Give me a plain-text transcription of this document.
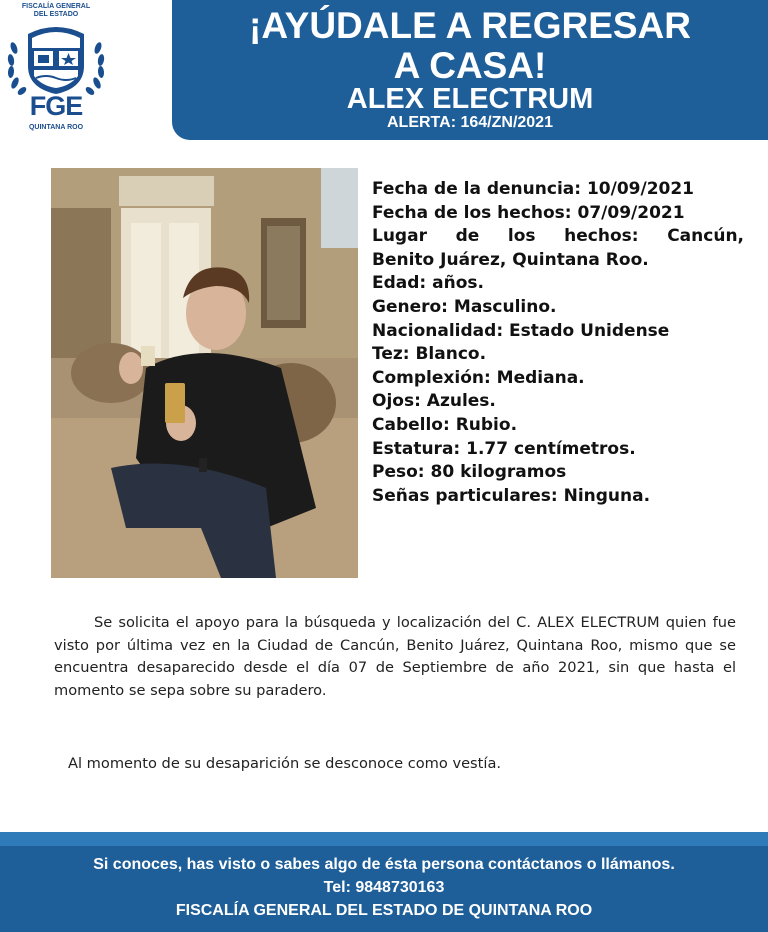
FISCALÍA GENERAL
DEL ESTADO
FGE
QUINTANA ROO
¡AYÚDALE A REGRESAR
A CASA!
ALEX ELECTRUM
ALERTA: 164/ZN/2021
Fecha de la denuncia: 10/09/2021
Fecha de los hechos: 07/09/2021
Lugar de los hechos: Cancún,
Benito Juárez, Quintana Roo.
Edad: años.
Genero: Masculino.
Nacionalidad: Estado Unidense
Tez: Blanco.
Complexión: Mediana.
Ojos: Azules.
Cabello: Rubio.
Estatura: 1.77 centímetros.
Peso: 80 kilogramos
Señas particulares: Ninguna.
Se solicita el apoyo para la búsqueda y localización del C. ALEX ELECTRUM quien fue visto por última vez en la Ciudad de Cancún, Benito Juárez, Quintana Roo, mismo que se encuentra desaparecido desde el día 07 de Septiembre de año 2021, sin que hasta el momento se sepa sobre su paradero.
Al momento de su desaparición se desconoce como vestía.
Si conoces, has visto o sabes algo de ésta persona contáctanos o llámanos.
Tel: 9848730163
FISCALÍA GENERAL DEL ESTADO DE QUINTANA ROO
